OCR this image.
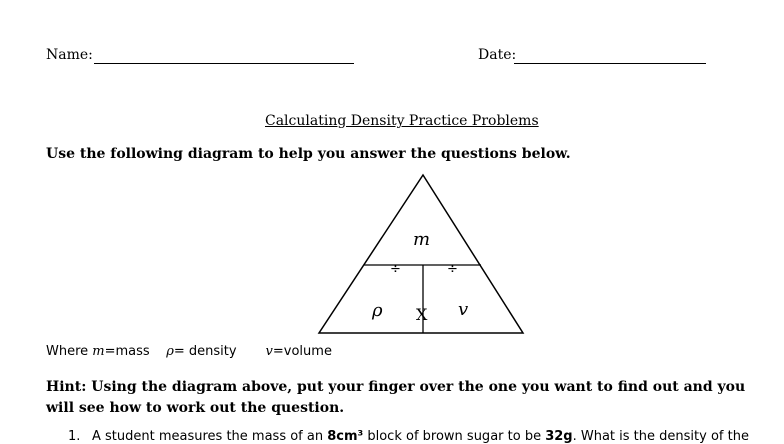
Name:	Date:
Calculating Density Practice Problems
Use the following diagram to help you answer the questions below.
m
÷	÷
ρ	v
X
Where m=mass ρ= density v=volume
Hint: Using the diagram above, put your finger over the one you want to find out and you will see how to work out the question.
1. A student measures the mass of an 8cm³ block of brown sugar to be 32g. What is the density of the
